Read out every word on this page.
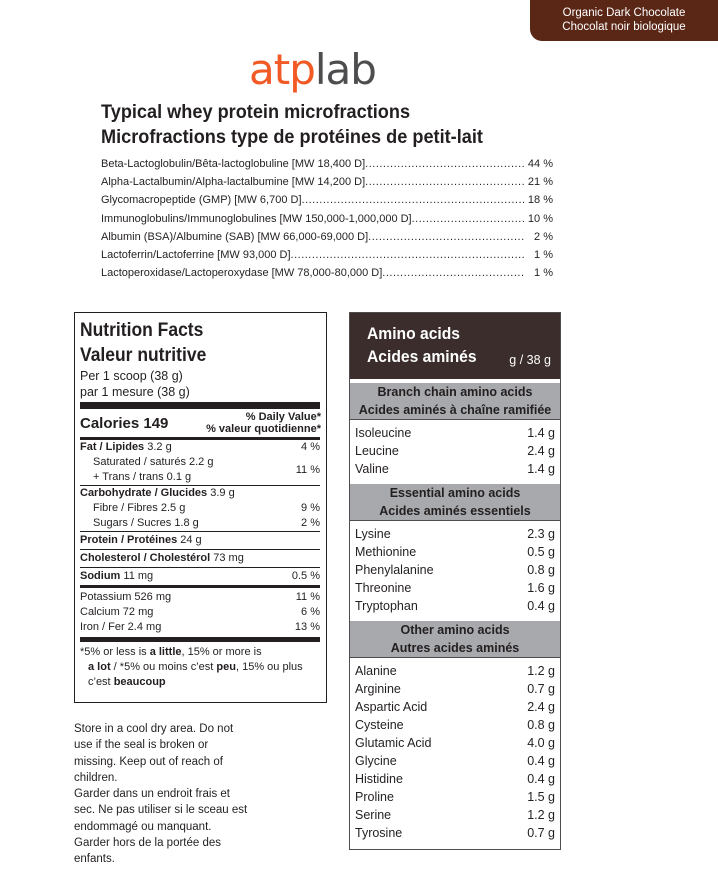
Organic Dark Chocolate
Chocolat noir biologique
atplab
Typical whey protein microfractions
Microfractions type de protéines de petit-lait
Beta-Lactoglobulin/Bêta-lactoglobuline [MW 18,400 D] .....	44 %
Alpha-Lactalbumin/Alpha-lactalbumine [MW 14,200 D] .....	21 %
Glycomacropeptide (GMP) [MW 6,700 D] .....	18 %
Immunoglobulins/Immunoglobulines [MW 150,000-1,000,000 D] .....	10 %
Albumin (BSA)/Albumine (SAB) [MW 66,000-69,000 D] .....	2 %
Lactoferrin/Lactoferrine [MW 93,000 D] .....	1 %
Lactoperoxidase/Lactoperoxydase [MW 78,000-80,000 D] .....	1 %
Nutrition Facts
Valeur nutritive
Per 1 scoop (38 g)
par 1 mesure (38 g)
Calories 149	% Daily Value*
% valeur quotidienne*
Fat / Lipides 3.2 g	4 %
Saturated / saturés 2.2 g
+ Trans / trans 0.1 g
11 %
Carbohydrate / Glucides 3.9 g
Fibre / Fibres 2.5 g	9 %
Sugars / Sucres 1.8 g	2 %
Protein / Protéines 24 g
Cholesterol / Cholestérol 73 mg
Sodium 11 mg	0.5 %
Potassium 526 mg	11 %
Calcium 72 mg	6 %
Iron / Fer 2.4 mg	13 %
*5% or less is a little, 15% or more is
a lot / *5% ou moins c’est peu, 15% ou plus
c’est beaucoup
Store in a cool dry area. Do not
use if the seal is broken or
missing. Keep out of reach of
children.
Garder dans un endroit frais et
sec. Ne pas utiliser si le sceau est
endommagé ou manquant.
Garder hors de la portée des
enfants.
Amino acids
Acides aminés	g / 38 g
Branch chain amino acids
Acides aminés à chaîne ramifiée
Isoleucine	1.4 g
Leucine	2.4 g
Valine	1.4 g
Essential amino acids
Acides aminés essentiels
Lysine	2.3 g
Methionine	0.5 g
Phenylalanine	0.8 g
Threonine	1.6 g
Tryptophan	0.4 g
Other amino acids
Autres acides aminés
Alanine	1.2 g
Arginine	0.7 g
Aspartic Acid	2.4 g
Cysteine	0.8 g
Glutamic Acid	4.0 g
Glycine	0.4 g
Histidine	0.4 g
Proline	1.5 g
Serine	1.2 g
Tyrosine	0.7 g
